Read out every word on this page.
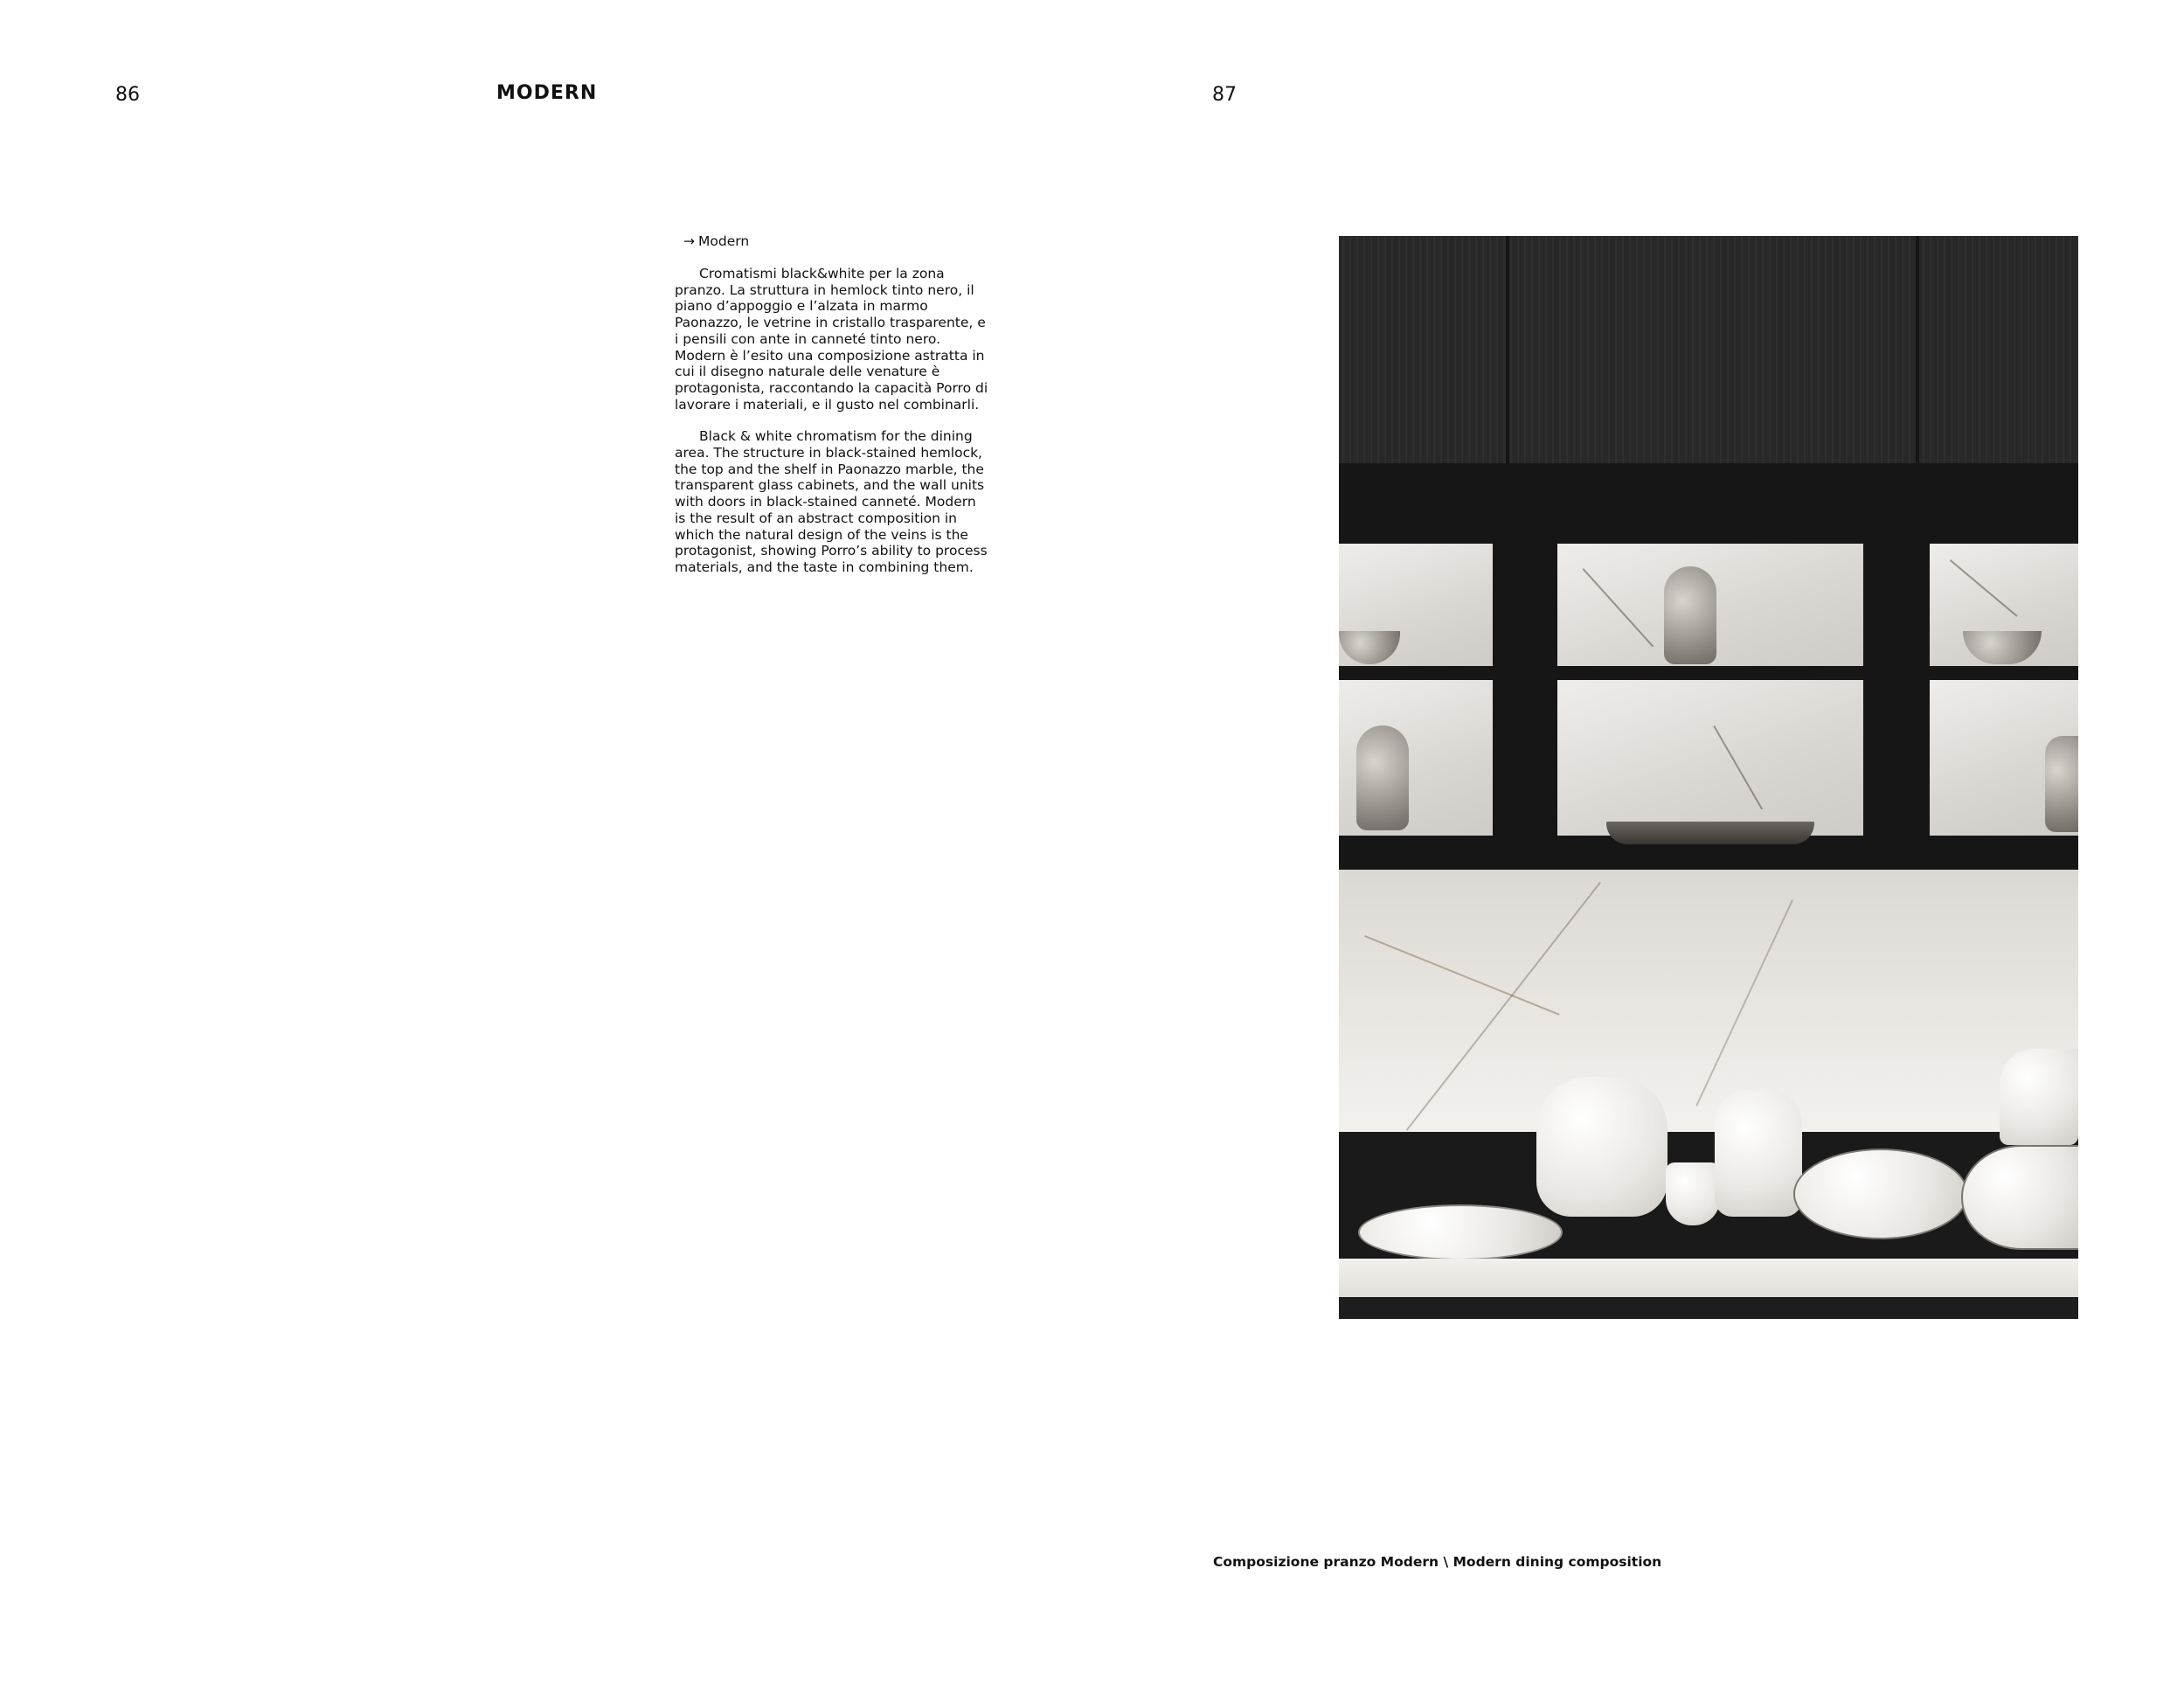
86	MODERN
→ Modern

Cromatismi black&white per la zona pranzo. La struttura in hemlock tinto nero, il piano d’appoggio e l’alzata in marmo Paonazzo, le vetrine in cristallo trasparente, e i pensili con ante in canneté tinto nero. Modern è l’esito una composizione astratta in cui il disegno naturale delle venature è protagonista, raccontando la capacità Porro di lavorare i materiali, e il gusto nel combinarli.

Black & white chromatism for the dining area. The structure in black-stained hemlock, the top and the shelf in Paonazzo marble, the transparent glass cabinets, and the wall units with doors in black-stained canneté. Modern is the result of an abstract composition in which the natural design of the veins is the protagonist, showing Porro’s ability to process materials, and the taste in combining them.

87
Composizione pranzo Modern \ Modern dining composition
